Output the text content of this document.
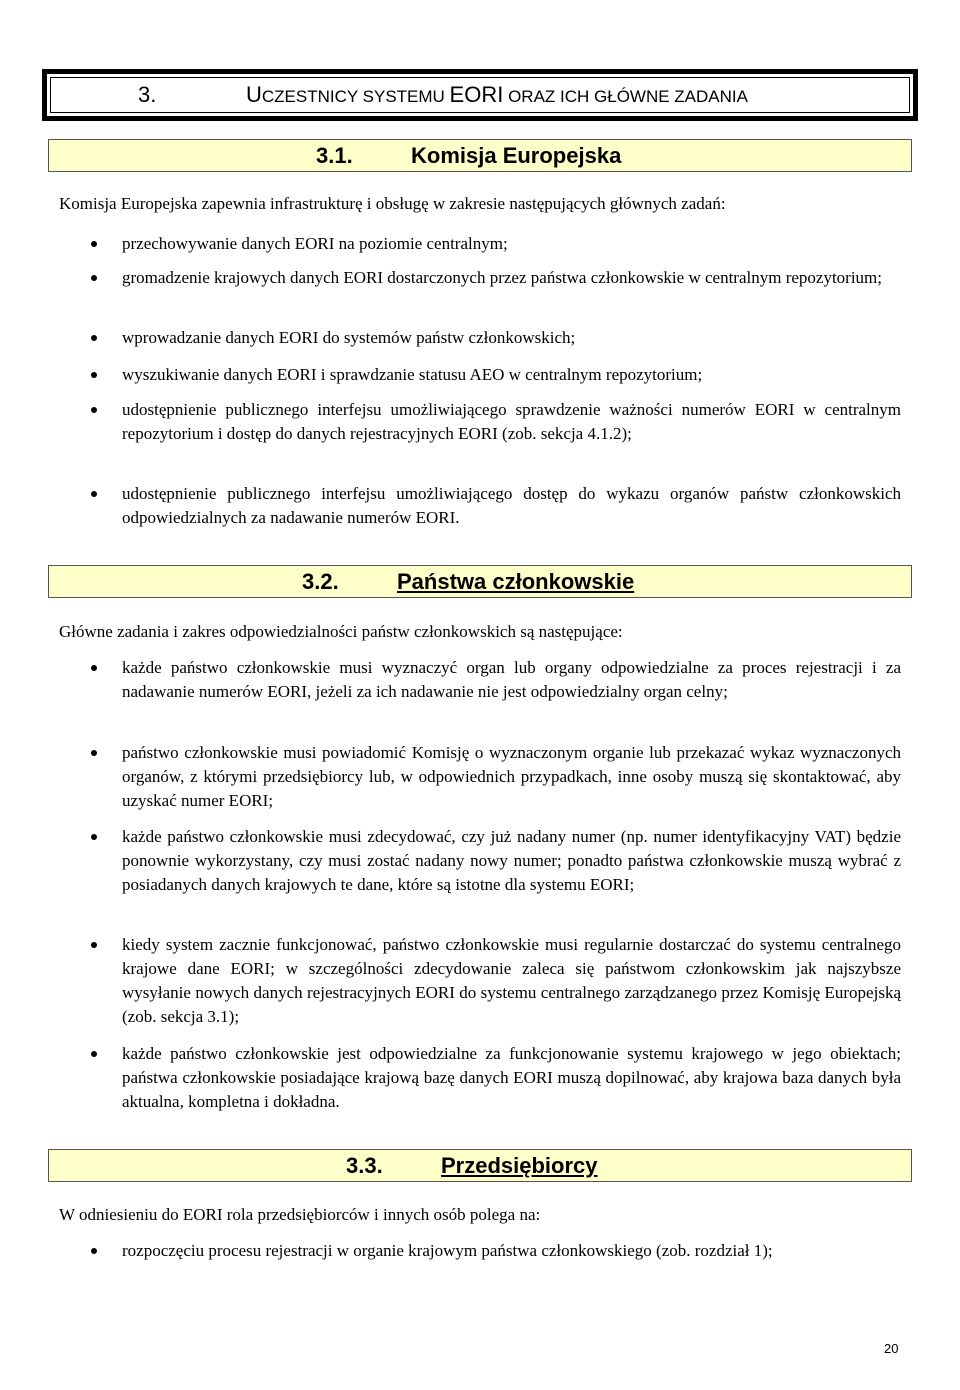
3.	UCZESTNICY SYSTEMU EORI ORAZ ICH GŁÓWNE ZADANIA
3.1.	Komisja Europejska

Komisja Europejska zapewnia infrastrukturę i obsługę w zakresie następujących głównych zadań:

przechowywanie danych EORI na poziomie centralnym;
gromadzenie krajowych danych EORI dostarczonych przez państwa członkowskie w centralnym repozytorium;
wprowadzanie danych EORI do systemów państw członkowskich;
wyszukiwanie danych EORI i sprawdzanie statusu AEO w centralnym repozytorium;
udostępnienie publicznego interfejsu umożliwiającego sprawdzenie ważności numerów EORI w centralnym repozytorium i dostęp do danych rejestracyjnych EORI (zob. sekcja 4.1.2);
udostępnienie publicznego interfejsu umożliwiającego dostęp do wykazu organów państw członkowskich odpowiedzialnych za nadawanie numerów EORI.
3.2.	Państwa członkowskie

Główne zadania i zakres odpowiedzialności państw członkowskich są następujące:

każde państwo członkowskie musi wyznaczyć organ lub organy odpowiedzialne za proces rejestracji i za nadawanie numerów EORI, jeżeli za ich nadawanie nie jest odpowiedzialny organ celny;
państwo członkowskie musi powiadomić Komisję o wyznaczonym organie lub przekazać wykaz wyznaczonych organów, z którymi przedsiębiorcy lub, w odpowiednich przypadkach, inne osoby muszą się skontaktować, aby uzyskać numer EORI;
każde państwo członkowskie musi zdecydować, czy już nadany numer (np. numer identyfikacyjny VAT) będzie ponownie wykorzystany, czy musi zostać nadany nowy numer; ponadto państwa członkowskie muszą wybrać z posiadanych danych krajowych te dane, które są istotne dla systemu EORI;
kiedy system zacznie funkcjonować, państwo członkowskie musi regularnie dostarczać do systemu centralnego krajowe dane EORI; w szczególności zdecydowanie zaleca się państwom członkowskim jak najszybsze wysyłanie nowych danych rejestracyjnych EORI do systemu centralnego zarządzanego przez Komisję Europejską (zob. sekcja 3.1);
każde państwo członkowskie jest odpowiedzialne za funkcjonowanie systemu krajowego w jego obiektach; państwa członkowskie posiadające krajową bazę danych EORI muszą dopilnować, aby krajowa baza danych była aktualna, kompletna i dokładna.
3.3.	Przedsiębiorcy

W odniesieniu do EORI rola przedsiębiorców i innych osób polega na:

rozpoczęciu procesu rejestracji w organie krajowym państwa członkowskiego (zob. rozdział 1);
20
